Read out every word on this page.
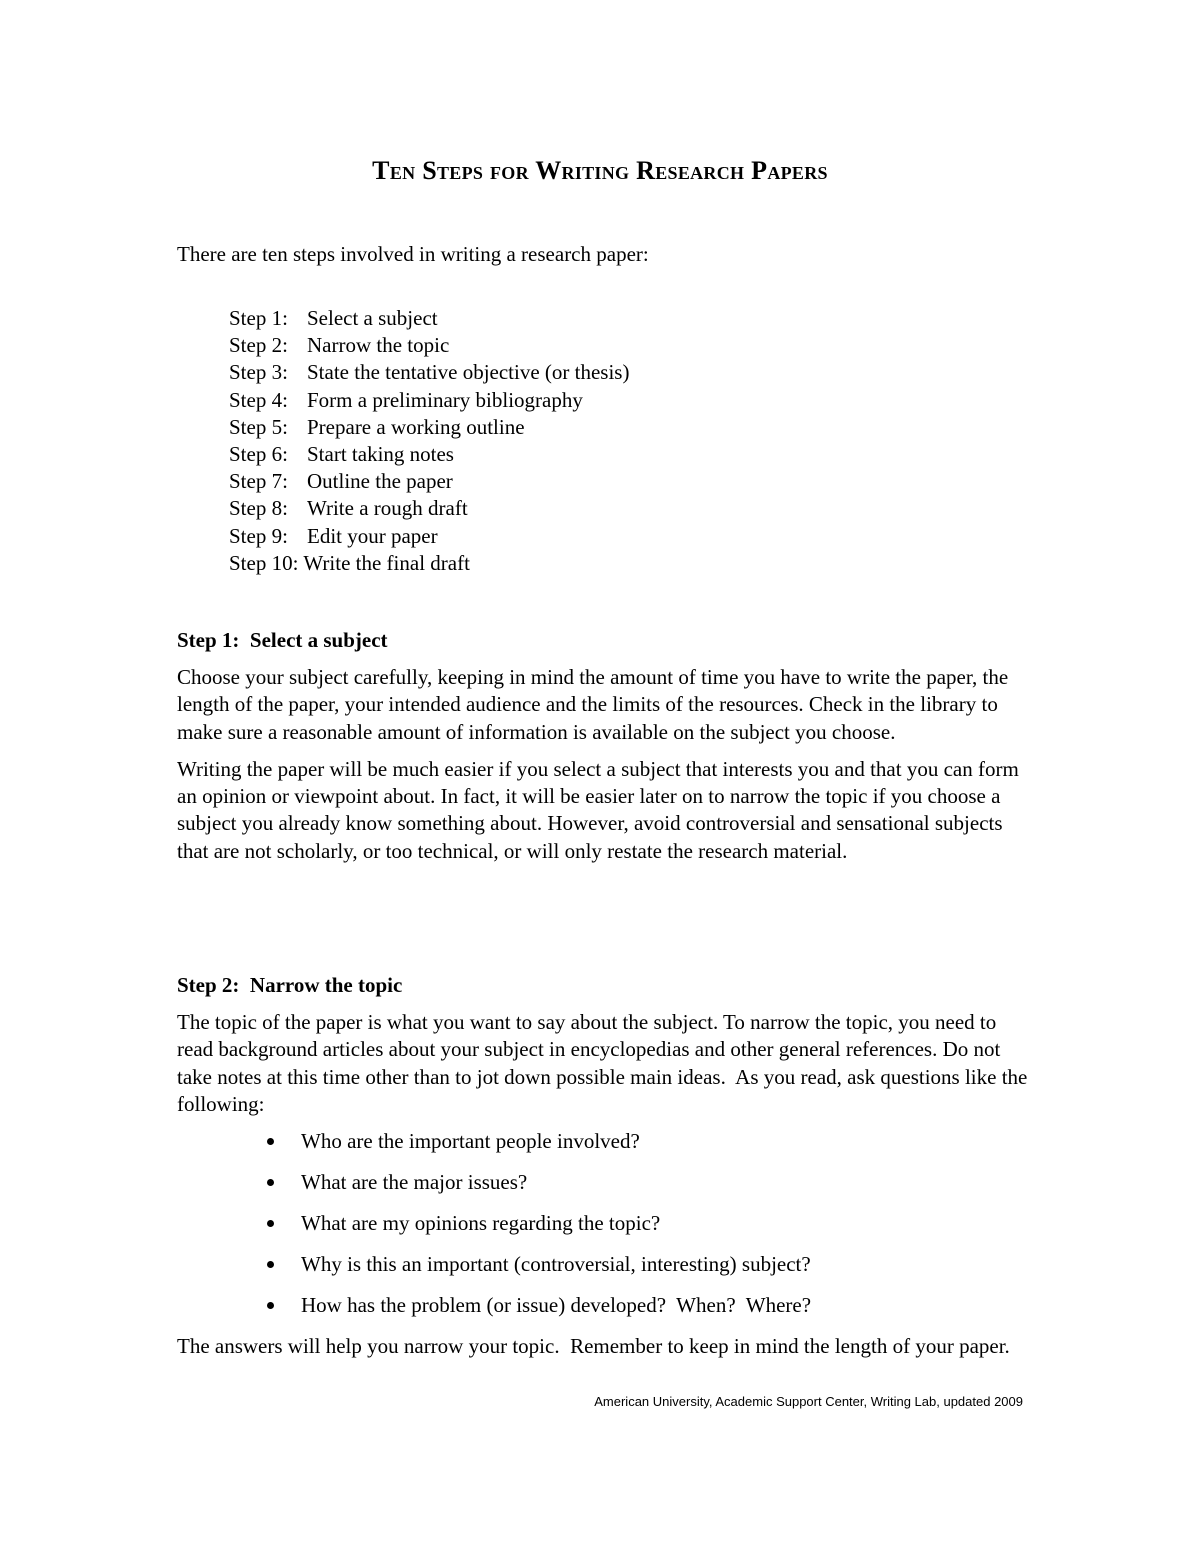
Ten Steps for Writing Research Papers

There are ten steps involved in writing a research paper:

Step 1: Select a subject
Step 2: Narrow the topic
Step 3: State the tentative objective (or thesis)
Step 4: Form a preliminary bibliography
Step 5: Prepare a working outline
Step 6: Start taking notes
Step 7: Outline the paper
Step 8: Write a rough draft
Step 9: Edit your paper
Step 10: Write the final draft
Step 1:  Select a subject

Choose your subject carefully, keeping in mind the amount of time you have to write the paper, the length of the paper, your intended audience and the limits of the resources. Check in the library to make sure a reasonable amount of information is available on the subject you choose.

Writing the paper will be much easier if you select a subject that interests you and that you can form an opinion or viewpoint about. In fact, it will be easier later on to narrow the topic if you choose a subject you already know something about. However, avoid controversial and sensational subjects that are not scholarly, or too technical, or will only restate the research material.

Step 2:  Narrow the topic

The topic of the paper is what you want to say about the subject. To narrow the topic, you need to read background articles about your subject in encyclopedias and other general references. Do not take notes at this time other than to jot down possible main ideas.  As you read, ask questions like the following:

Who are the important people involved?
What are the major issues?
What are my opinions regarding the topic?
Why is this an important (controversial, interesting) subject?
How has the problem (or issue) developed?  When?  Where?

The answers will help you narrow your topic.  Remember to keep in mind the length of your paper.

American University, Academic Support Center, Writing Lab, updated 2009
